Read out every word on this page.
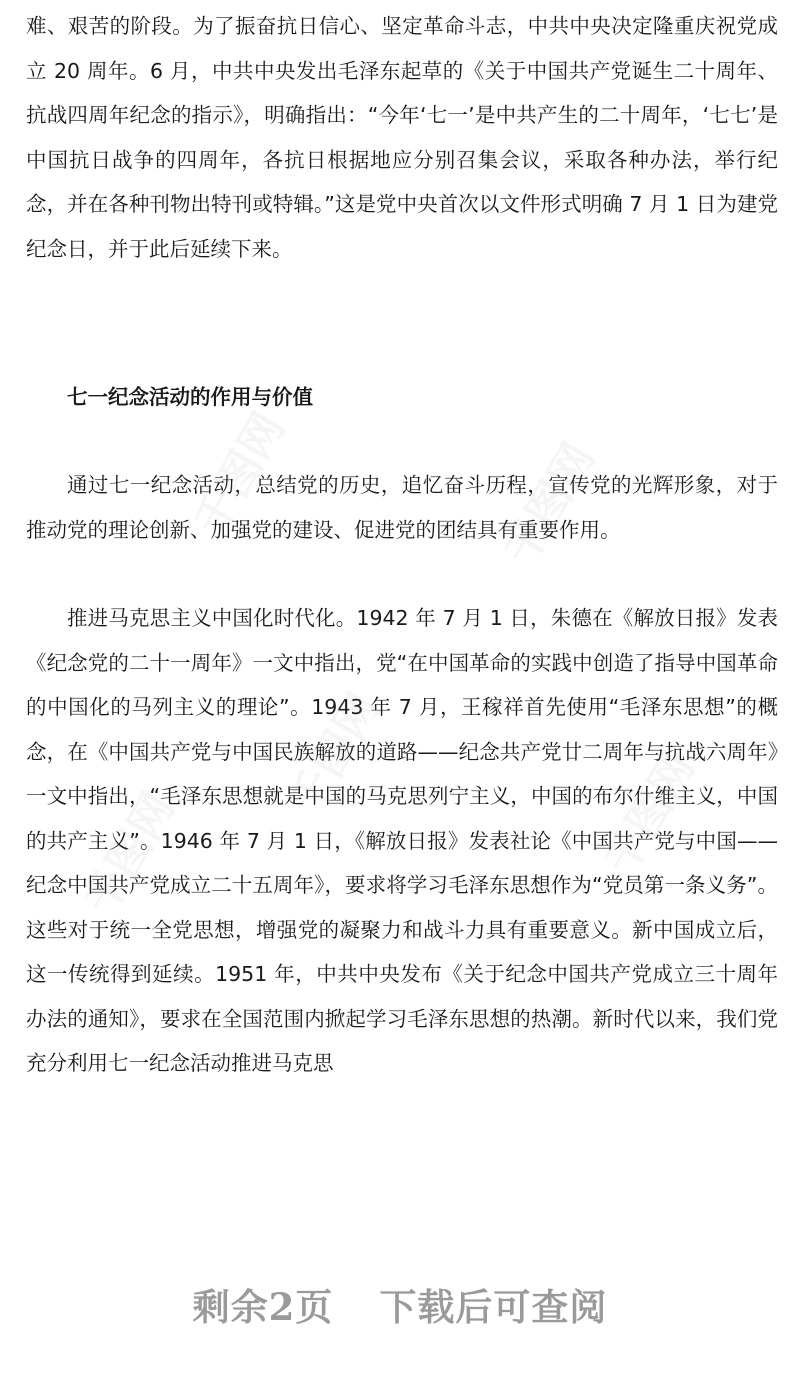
难、艰苦的阶段。为了振奋抗日信心、坚定革命斗志，中共中央决定隆重庆祝党成立 20 周年。6 月，中共中央发出毛泽东起草的《关于中国共产党诞生二十周年、抗战四周年纪念的指示》，明确指出：“今年‘七一’是中共产生的二十周年，‘七七’是中国抗日战争的四周年，各抗日根据地应分别召集会议，采取各种办法，举行纪念，并在各种刊物出特刊或特辑。”这是党中央首次以文件形式明确 7 月 1 日为建党纪念日，并于此后延续下来。

七一纪念活动的作用与价值

通过七一纪念活动，总结党的历史，追忆奋斗历程，宣传党的光辉形象，对于推动党的理论创新、加强党的建设、促进党的团结具有重要作用。

推进马克思主义中国化时代化。1942 年 7 月 1 日，朱德在《解放日报》发表《纪念党的二十一周年》一文中指出，党“在中国革命的实践中创造了指导中国革命的中国化的马列主义的理论”。1943 年 7 月，王稼祥首先使用“毛泽东思想”的概念，在《中国共产党与中国民族解放的道路——纪念共产党廿二周年与抗战六周年》一文中指出，“毛泽东思想就是中国的马克思列宁主义，中国的布尔什维主义，中国的共产主义”。1946 年 7 月 1 日，《解放日报》发表社论《中国共产党与中国——纪念中国共产党成立二十五周年》，要求将学习毛泽东思想作为“党员第一条义务”。这些对于统一全党思想，增强党的凝聚力和战斗力具有重要意义。新中国成立后，这一传统得到延续。1951 年，中共中央发布《关于纪念中国共产党成立三十周年办法的通知》，要求在全国范围内掀起学习毛泽东思想的热潮。新时代以来，我们党充分利用七一纪念活动推进马克思

千图网	千图网
千图网	千图网
千图网
剩余2页 下载后可查阅
